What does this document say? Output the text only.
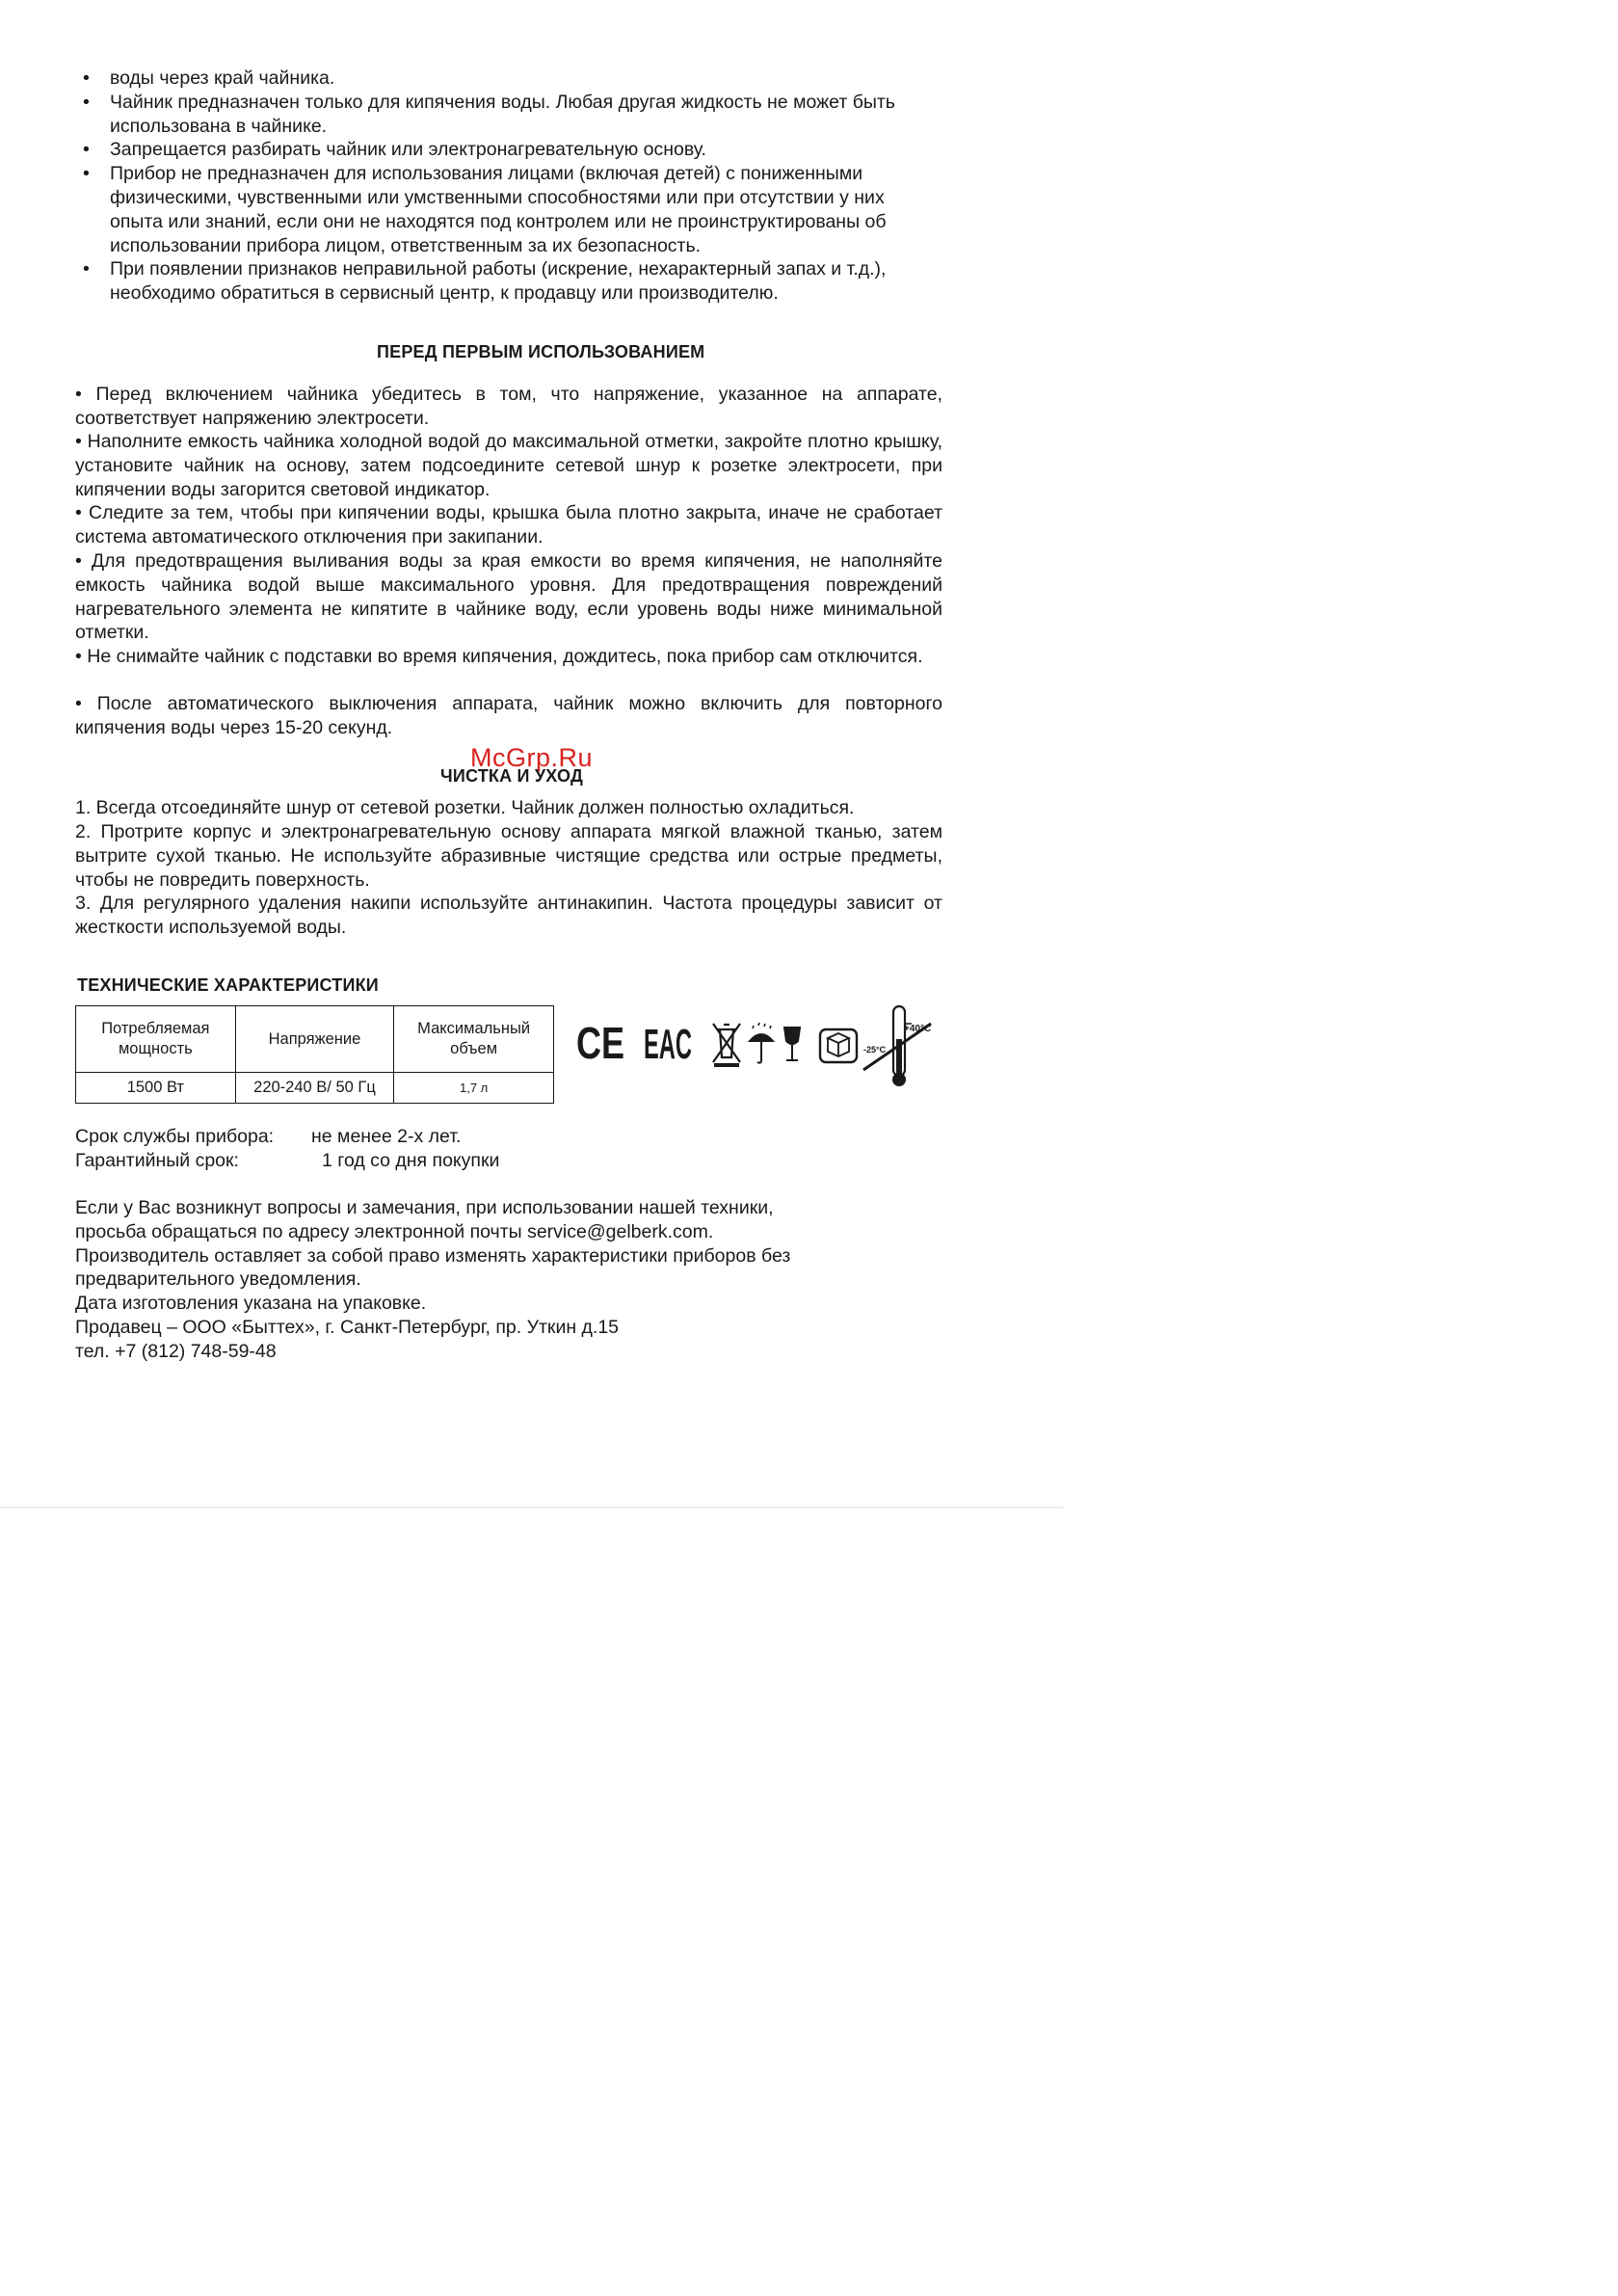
• воды через край чайника.
• Чайник предназначен только для кипячения воды. Любая другая жидкость не может быть использована в чайнике.
• Запрещается разбирать чайник или электронагревательную основу.
• Прибор не предназначен для использования лицами (включая детей) с пониженными физическими, чувственными или умственными способностями или при отсутствии у них опыта или знаний, если они не находятся под контролем или не проинструктированы об использовании прибора лицом, ответственным за их безопасность.
• При появлении признаков неправильной работы (искрение, нехарактерный запах и т.д.), необходимо обратиться в сервисный центр, к продавцу или производителю.
ПЕРЕД ПЕРВЫМ ИСПОЛЬЗОВАНИЕМ

• Перед включением чайника убедитесь в том, что напряжение, указанное на аппарате, соответствует напряжению электросети.

• Наполните емкость чайника холодной водой до максимальной отметки, закройте плотно крышку, установите чайник на основу, затем подсоедините сетевой шнур к розетке электросети, при кипячении воды загорится световой индикатор.

• Следите за тем, чтобы при кипячении воды, крышка была плотно закрыта, иначе не сработает система автоматического отключения при закипании.

• Для предотвращения выливания воды за края емкости во время кипячения, не наполняйте емкость чайника водой выше максимального уровня. Для предотвращения повреждений нагревательного элемента не кипятите в чайнике воду, если уровень воды ниже минимальной отметки.

• Не снимайте чайник с подставки во время кипячения, дождитесь, пока прибор сам отключится.

• После автоматического выключения аппарата, чайник можно включить для повторного кипячения воды через 15-20 секунд.

McGrp.Ru
ЧИСТКА И УХОД

1. Всегда отсоединяйте шнур от сетевой розетки. Чайник должен полностью охладиться.

2. Протрите корпус и электронагревательную основу аппарата мягкой влажной тканью, затем вытрите сухой тканью. Не используйте абразивные чистящие средства или острые предметы, чтобы не повредить поверхность.

3. Для регулярного удаления накипи используйте антинакипин. Частота процедуры зависит от жесткости используемой воды.

ТЕХНИЧЕСКИЕ ХАРАКТЕРИСТИКИ
Потребляемая мощность	Напряжение	Максимальный объем
1500 Вт	220-240 В/ 50 Гц	1,7 л
CE EAC	+40°C
-25°C
Срок службы прибора: не менее 2-х лет.
Гарантийный срок:	1 год со дня покупки
Если у Вас возникнут вопросы и замечания, при использовании нашей техники,
просьба обращаться по адресу электронной почты service@gelberk.com.
Производитель оставляет за собой право изменять характеристики приборов без
предварительного уведомления.
Дата изготовления указана на упаковке.
Продавец – ООО «Быттех», г. Санкт-Петербург, пр. Уткин д.15
тел. +7 (812) 748-59-48
